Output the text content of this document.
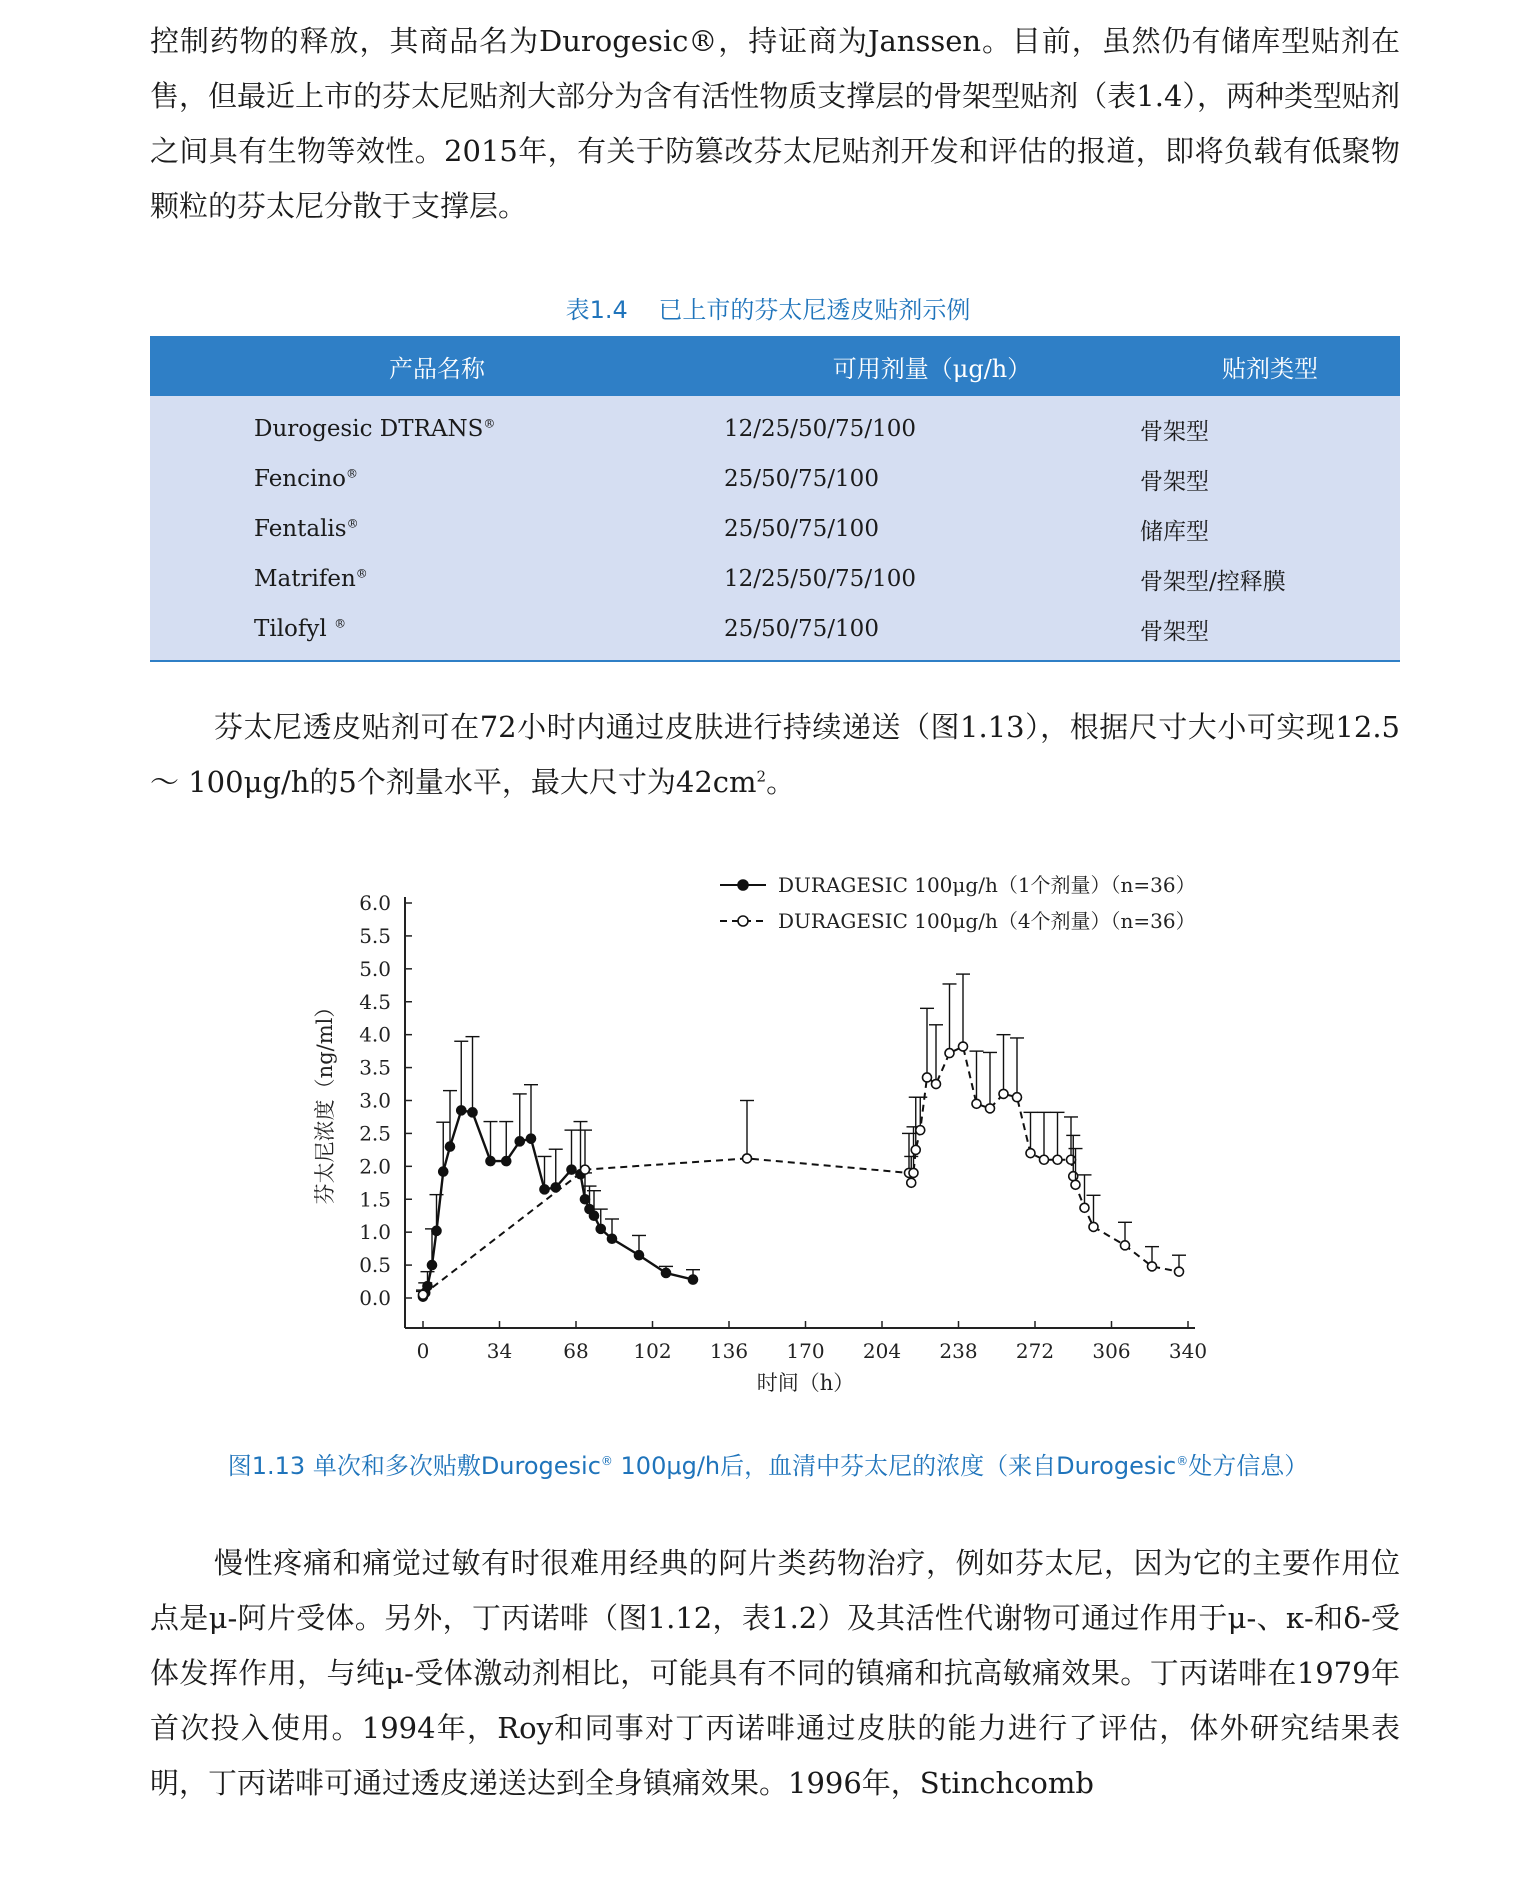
控制药物的释放，其商品名为Durogesic®，持证商为Janssen。目前，虽然仍有储库型贴剂在售，但最近上市的芬太尼贴剂大部分为含有活性物质支撑层的骨架型贴剂（表1.4），两种类型贴剂之间具有生物等效性。2015年，有关于防篡改芬太尼贴剂开发和评估的报道，即将负载有低聚物颗粒的芬太尼分散于支撑层。

表1.4    已上市的芬太尼透皮贴剂示例
产品名称	可用剂量（μg/h）	贴剂类型
Durogesic DTRANS®	12/25/50/75/100	骨架型
Fencino®	25/50/75/100	骨架型
Fentalis®	25/50/75/100	储库型
Matrifen®	12/25/50/75/100	骨架型/控释膜
Tilofyl ®	25/50/75/100	骨架型

芬太尼透皮贴剂可在72小时内通过皮肤进行持续递送（图1.13），根据尺寸大小可实现12.5 ～ 100μg/h的5个剂量水平，最大尺寸为$42cm^2$。

0.0
0.5
1.0
1.5
2.0
2.5
3.0
3.5
4.0
4.5
5.0
5.5
6.0
0	34	68 102 136 170 204 238 272 306 340
时间（h）
芬太尼浓度（ng/ml）
DURAGESIC 100μg/h（1个剂量）（n=36）
DURAGESIC 100μg/h（4个剂量）（n=36）
图1.13 单次和多次贴敷Durogesic® 100μg/h后，血清中芬太尼的浓度（来自Durogesic®处方信息）

慢性疼痛和痛觉过敏有时很难用经典的阿片类药物治疗，例如芬太尼，因为它的主要作用位点是μ-阿片受体。另外，丁丙诺啡（图1.12，表1.2）及其活性代谢物可通过作用于μ-、κ-和δ-受体发挥作用，与纯μ-受体激动剂相比，可能具有不同的镇痛和抗高敏痛效果。丁丙诺啡在1979年首次投入使用。1994年，Roy和同事对丁丙诺啡通过皮肤的能力进行了评估，体外研究结果表明，丁丙诺啡可通过透皮递送达到全身镇痛效果。1996年，Stinchcomb
